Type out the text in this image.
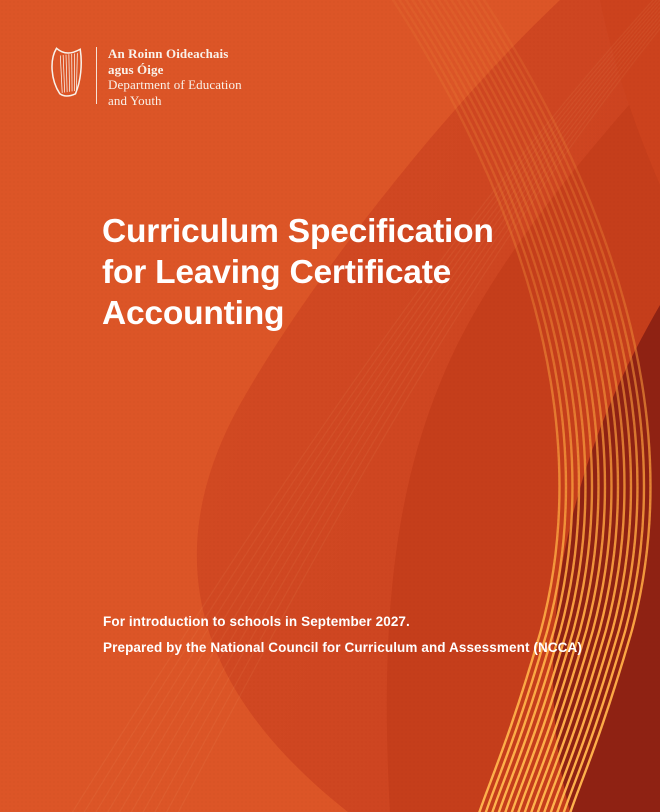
An Roinn Oideachais
agus Óige
Department of Education
and Youth
Curriculum Specification
for Leaving Certificate
Accounting

For introduction to schools in September 2027.

Prepared by the National Council for Curriculum and Assessment (NCCA)
